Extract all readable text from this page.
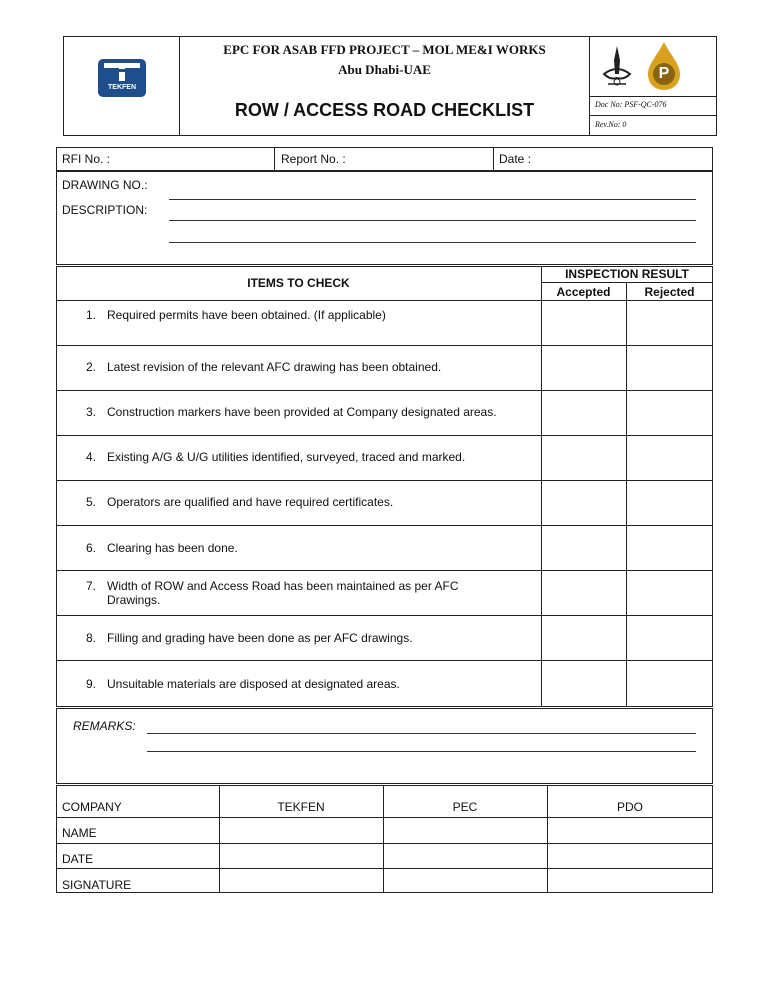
TEKFEN
EPC FOR ASAB FFD PROJECT – MOL ME&I WORKS
Abu Dhabi-UAE
ROW / ACCESS ROAD CHECKLIST
P
Doc No: PSF-QC-076
Rev.No: 0
RFI No. :	Report No. :	Date :
DRAWING NO.:
DESCRIPTION:
ITEMS TO CHECK
INSPECTION RESULT
Accepted	Rejected
1. Required permits have been obtained. (If applicable)
2. Latest revision of the relevant AFC drawing has been obtained.
3. Construction markers have been provided at Company designated areas.
4. Existing A/G & U/G utilities identified, surveyed, traced and marked.
5. Operators are qualified and have required certificates.
6. Clearing has been done.
7. Width of ROW and Access Road has been maintained as per AFC Drawings.
8. Filling and grading have been done as per AFC drawings.
9. Unsuitable materials are disposed at designated areas.
REMARKS:
COMPANY	TEKFEN	PEC	PDO
NAME
DATE
SIGNATURE
